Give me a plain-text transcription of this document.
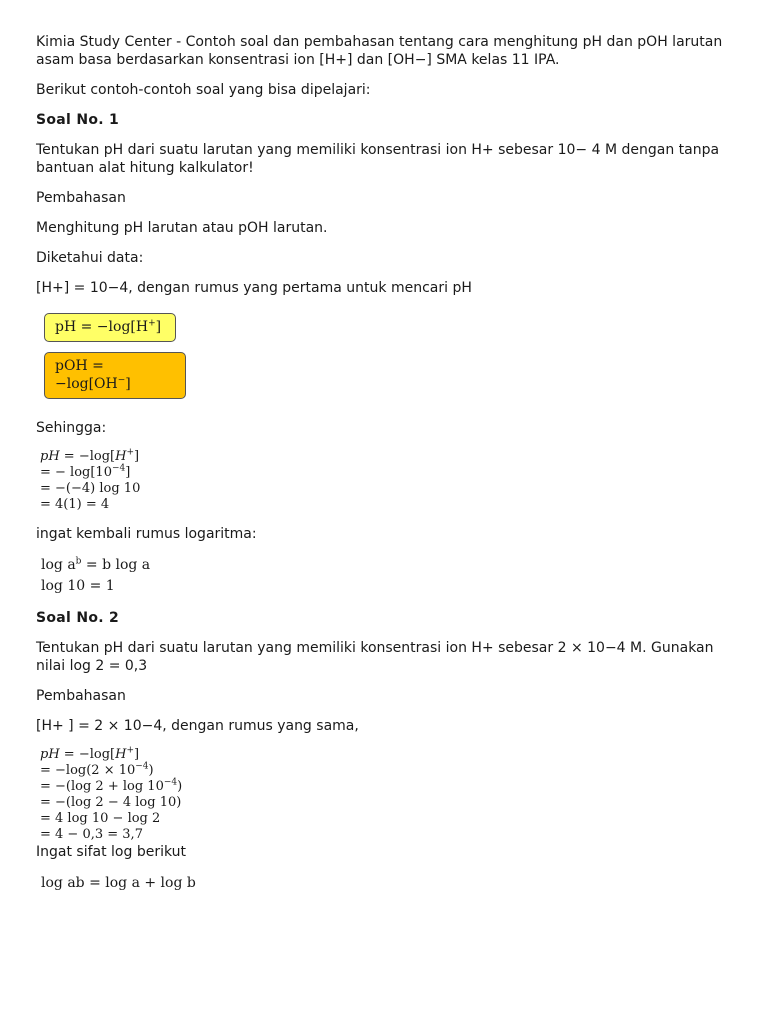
Kimia Study Center - Contoh soal dan pembahasan tentang cara menghitung pH dan pOH larutan asam basa berdasarkan konsentrasi ion [H+] dan [OH−] SMA kelas 11 IPA.

Berikut contoh-contoh soal yang bisa dipelajari:

Soal No. 1

Tentukan pH dari suatu larutan yang memiliki konsentrasi ion H+ sebesar 10− 4 M dengan tanpa bantuan alat hitung kalkulator!

Pembahasan

Menghitung pH larutan atau pOH larutan.

Diketahui data:

[H+] = 10−4, dengan rumus yang pertama untuk mencari pH

pH = −log[H+]
pOH = −log[OH−]

Sehingga:

pH = −log[H+]
= − $\log[10^{-4}]$
= −(−4) log 10
= 4(1) = 4

ingat kembali rumus logaritma:

$\log a^b = b$ log a
log 10 = 1

Soal No. 2

Tentukan pH dari suatu larutan yang memiliki konsentrasi ion H+ sebesar 2 × 10−4 M. Gunakan nilai log 2 = 0,3

Pembahasan

[H+ ] = 2 × 10−4, dengan rumus yang sama,

pH = −log[H+]
= $-\log(2 \times 10^{-4})$
= −(log $2 + \log 10^{-4}$)
= −(log 2 − 4 log 10)
= 4 log 10 − log 2
= 4 − 0,3 = 3,7

Ingat sifat log berikut

log ab = log a + log b
